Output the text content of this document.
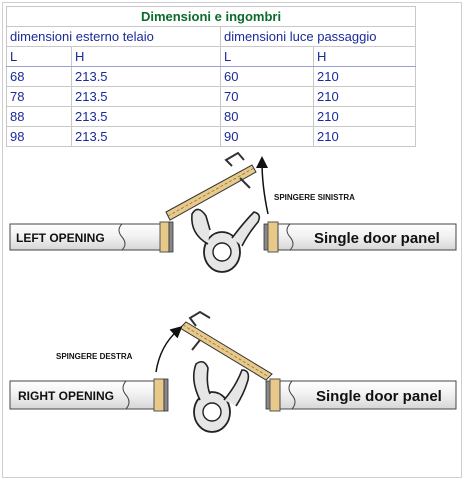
Dimensioni e ingombri			
dimensioni esterno telaio		dimensioni luce passaggio	
L	H	L	H
68	213.5	60	210
78	213.5	70	210
88	213.5	80	210
98	213.5	90	210
LEFT OPENING	Single door panel
SPINGERE SINISTRA
RIGHT OPENING	Single door panel
SPINGERE DESTRA
